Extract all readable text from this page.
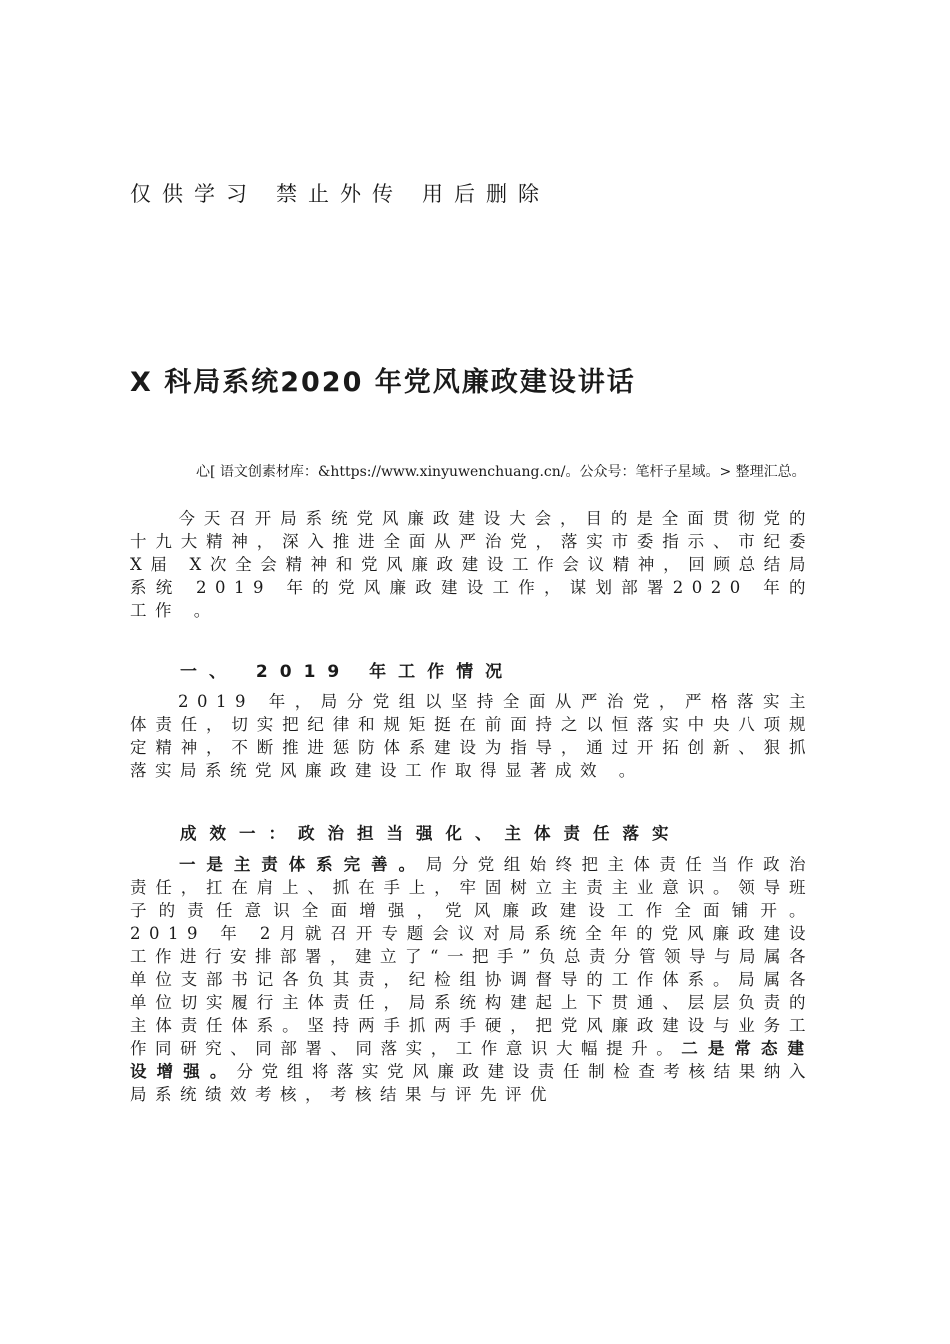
仅供学习 禁止外传 用后删除
X 科局系统2020 年党风廉政建设讲话
心[ 语文创素材库：&https://www.xinyuwenchuang.cn/。公众号：笔杆子星域。> 整理汇总。
今天召开局系统党风廉政建设大会，目的是全面贯彻党的十九大精神，深入推进全面从严治党，落实市委指示、市纪委 X届 X次全会精神和党风廉政建设工作会议精神，回顾总结局系统 2019 年的党风廉政建设工作，谋划部署2020 年的工作 。
一、 2019 年工作情况
2019 年，局分党组以坚持全面从严治党，严格落实主体责任，切实把纪律和规矩挺在前面持之以恒落实中央八项规定精神，不断推进惩防体系建设为指导，通过开拓创新、狠抓落实局系统党风廉政建设工作取得显著成效 。
成效一：政治担当强化、主体责任落实
一是主责体系完善。局分党组始终把主体责任当作政治责任，扛在肩上、抓在手上，牢固树立主责主业意识。领导班子的责任意识全面增强，党风廉政建设工作全面铺开。 2019 年 2月就召开专题会议对局系统全年的党风廉政建设工作进行安排部署，建立了“一把手”负总责分管领导与局属各单位支部书记各负其责，纪检组协调督导的工作体系。局属各单位切实履行主体责任，局系统构建起上下贯通、层层负责的主体责任体系。坚持两手抓两手硬，把党风廉政建设与业务工作同研究、同部署、同落实，工作意识大幅提升。二是常态建设增强。分党组将落实党风廉政建设责任制检查考核结果纳入局系统绩效考核，考核结果与评先评优
